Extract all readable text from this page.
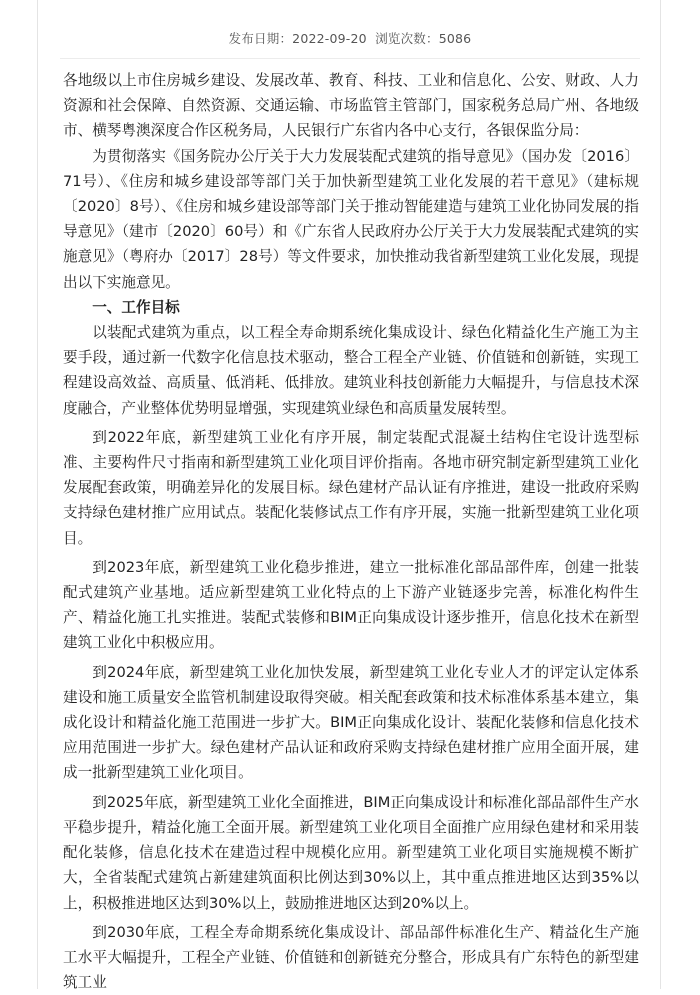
发布日期：2022-09-20 浏览次数：5086

各地级以上市住房城乡建设、发展改革、教育、科技、工业和信息化、公安、财政、人力资源和社会保障、自然资源、交通运输、市场监管主管部门，国家税务总局广州、各地级市、横琴粤澳深度合作区税务局，人民银行广东省内各中心支行，各银保监分局：

为贯彻落实《国务院办公厅关于大力发展装配式建筑的指导意见》（国办发〔2016〕71号）、《住房和城乡建设部等部门关于加快新型建筑工业化发展的若干意见》（建标规〔2020〕8号）、《住房和城乡建设部等部门关于推动智能建造与建筑工业化协同发展的指导意见》（建市〔2020〕60号）和《广东省人民政府办公厅关于大力发展装配式建筑的实施意见》（粤府办〔2017〕28号）等文件要求，加快推动我省新型建筑工业化发展，现提出以下实施意见。

一、工作目标

以装配式建筑为重点，以工程全寿命期系统化集成设计、绿色化精益化生产施工为主要手段，通过新一代数字化信息技术驱动，整合工程全产业链、价值链和创新链，实现工程建设高效益、高质量、低消耗、低排放。建筑业科技创新能力大幅提升，与信息技术深度融合，产业整体优势明显增强，实现建筑业绿色和高质量发展转型。

到2022年底，新型建筑工业化有序开展，制定装配式混凝土结构住宅设计选型标准、主要构件尺寸指南和新型建筑工业化项目评价指南。各地市研究制定新型建筑工业化发展配套政策，明确差异化的发展目标。绿色建材产品认证有序推进，建设一批政府采购支持绿色建材推广应用试点。装配化装修试点工作有序开展，实施一批新型建筑工业化项目。

到2023年底，新型建筑工业化稳步推进，建立一批标准化部品部件库，创建一批装配式建筑产业基地。适应新型建筑工业化特点的上下游产业链逐步完善，标准化构件生产、精益化施工扎实推进。装配式装修和BIM正向集成设计逐步推开，信息化技术在新型建筑工业化中积极应用。

到2024年底，新型建筑工业化加快发展，新型建筑工业化专业人才的评定认定体系建设和施工质量安全监管机制建设取得突破。相关配套政策和技术标准体系基本建立，集成化设计和精益化施工范围进一步扩大。BIM正向集成化设计、装配化装修和信息化技术应用范围进一步扩大。绿色建材产品认证和政府采购支持绿色建材推广应用全面开展，建成一批新型建筑工业化项目。

到2025年底，新型建筑工业化全面推进，BIM正向集成设计和标准化部品部件生产水平稳步提升，精益化施工全面开展。新型建筑工业化项目全面推广应用绿色建材和采用装配化装修，信息化技术在建造过程中规模化应用。新型建筑工业化项目实施规模不断扩大，全省装配式建筑占新建建筑面积比例达到30%以上，其中重点推进地区达到35%以上，积极推进地区达到30%以上，鼓励推进地区达到20%以上。

到2030年底，工程全寿命期系统化集成设计、部品部件标准化生产、精益化生产施工水平大幅提升，工程全产业链、价值链和创新链充分整合，形成具有广东特色的新型建筑工业
